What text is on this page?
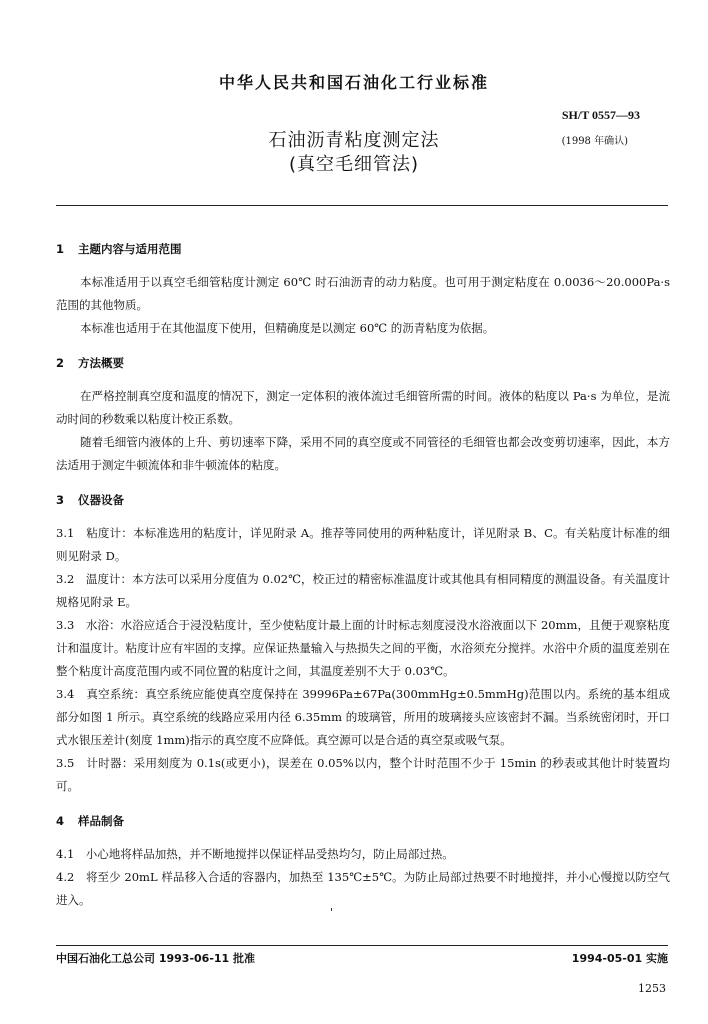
中华人民共和国石油化工行业标准
SH/T 0557—93
(1998 年确认)
石油沥青粘度测定法
(真空毛细管法)

1 主题内容与适用范围

本标准适用于以真空毛细管粘度计测定 60℃ 时石油沥青的动力粘度。也可用于测定粘度在 0.0036～20.000Pa·s 范围的其他物质。

本标准也适用于在其他温度下使用，但精确度是以测定 60℃ 的沥青粘度为依据。

2 方法概要

在严格控制真空度和温度的情况下，测定一定体积的液体流过毛细管所需的时间。液体的粘度以 Pa·s 为单位，是流动时间的秒数乘以粘度计校正系数。

随着毛细管内液体的上升、剪切速率下降，采用不同的真空度或不同管径的毛细管也都会改变剪切速率，因此，本方法适用于测定牛顿流体和非牛顿流体的粘度。

3 仪器设备

3.1　粘度计：本标准选用的粘度计，详见附录 A。推荐等同使用的两种粘度计，详见附录 B、C。有关粘度计标准的细则见附录 D。

3.2　温度计：本方法可以采用分度值为 0.02℃，校正过的精密标准温度计或其他具有相同精度的测温设备。有关温度计规格见附录 E。

3.3　水浴：水浴应适合于浸没粘度计，至少使粘度计最上面的计时标志刻度浸没水浴液面以下 20mm，且便于观察粘度计和温度计。粘度计应有牢固的支撑。应保证热量输入与热损失之间的平衡，水浴须充分搅拌。水浴中介质的温度差别在整个粘度计高度范围内或不同位置的粘度计之间，其温度差别不大于 0.03℃。

3.4　真空系统：真空系统应能使真空度保持在 39996Pa±67Pa(300mmHg±0.5mmHg)范围以内。系统的基本组成部分如图 1 所示。真空系统的线路应采用内径 6.35mm 的玻璃管，所用的玻璃接头应该密封不漏。当系统密闭时，开口式水银压差计(刻度 1mm)指示的真空度不应降低。真空源可以是合适的真空泵或吸气泵。

3.5　计时器：采用刻度为 0.1s(或更小)，误差在 0.05%以内，整个计时范围不少于 15min 的秒表或其他计时装置均可。

4 样品制备

4.1　小心地将样品加热，并不断地搅拌以保证样品受热均匀，防止局部过热。

4.2　将至少 20mL 样品移入合适的容器内，加热至 135℃±5℃。为防止局部过热要不时地搅拌，并小心慢搅以防空气进入。

'
中国石油化工总公司 1993-06-11 批准	1994-05-01 实施
1253
